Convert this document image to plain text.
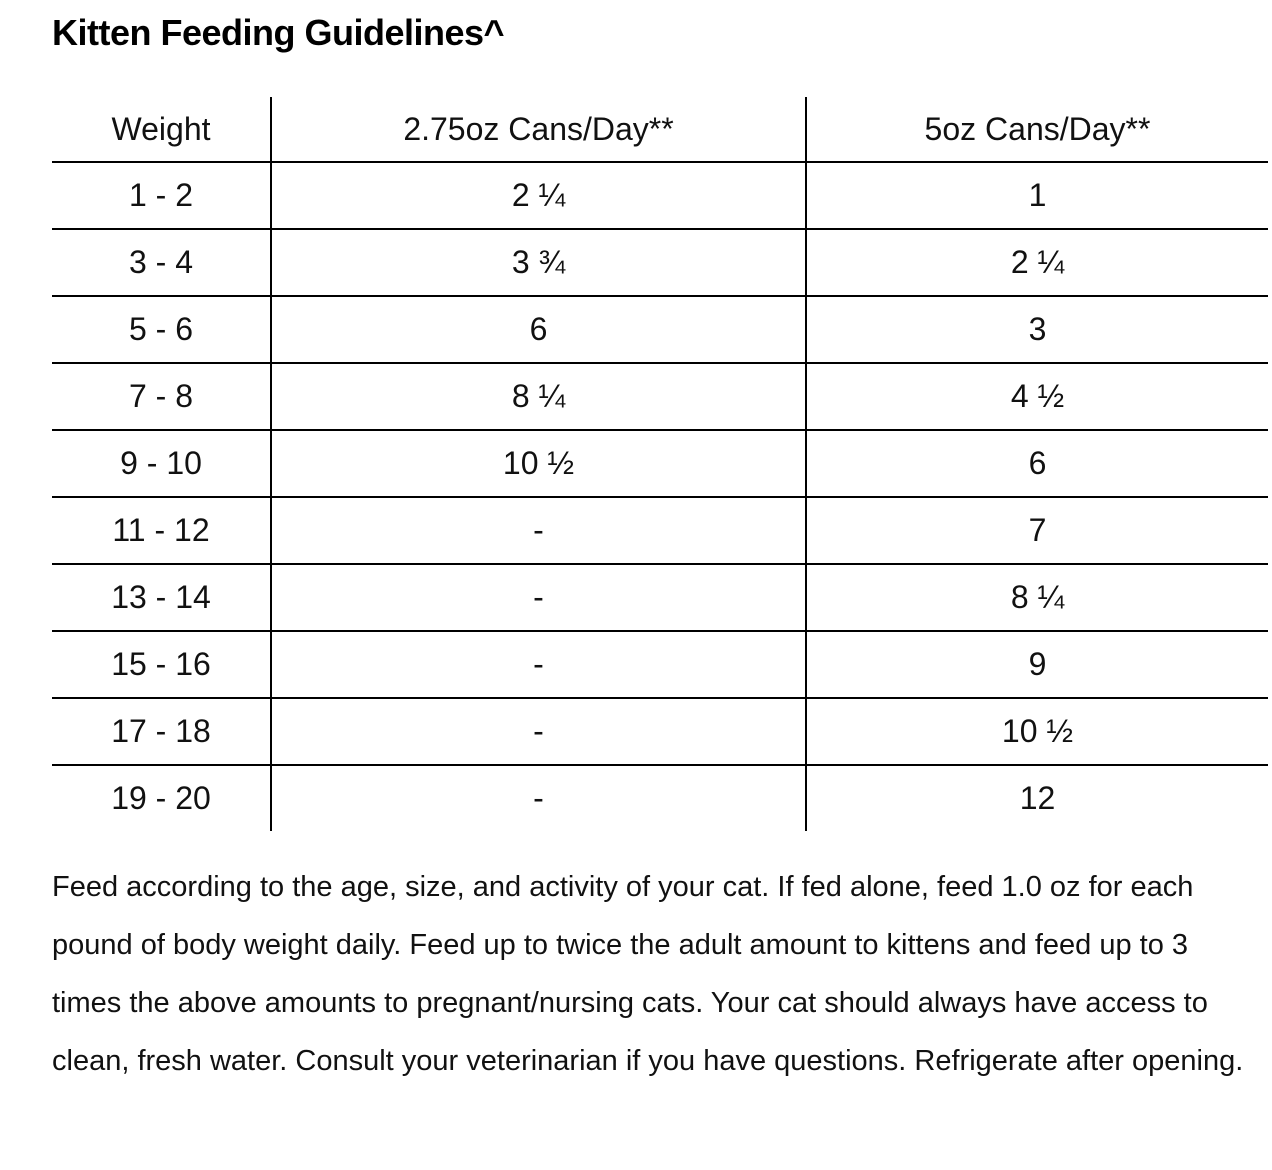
Kitten Feeding Guidelines^
Weight	2.75oz Cans/Day**	5oz Cans/Day**
1 - 2	2 ¼	1
3 - 4	3 ¾	2 ¼
5 - 6	6	3
7 - 8	8 ¼	4 ½
9 - 10	10 ½	6
11 - 12	-	7
13 - 14	-	8 ¼
15 - 16	-	9
17 - 18	-	10 ½
19 - 20	-	12

Feed according to the age, size, and activity of your cat. If fed alone, feed 1.0 oz for each pound of body weight daily. Feed up to twice the adult amount to kittens and feed up to 3 times the above amounts to pregnant/nursing cats. Your cat should always have access to clean, fresh water. Consult your veterinarian if you have questions. Refrigerate after opening.
